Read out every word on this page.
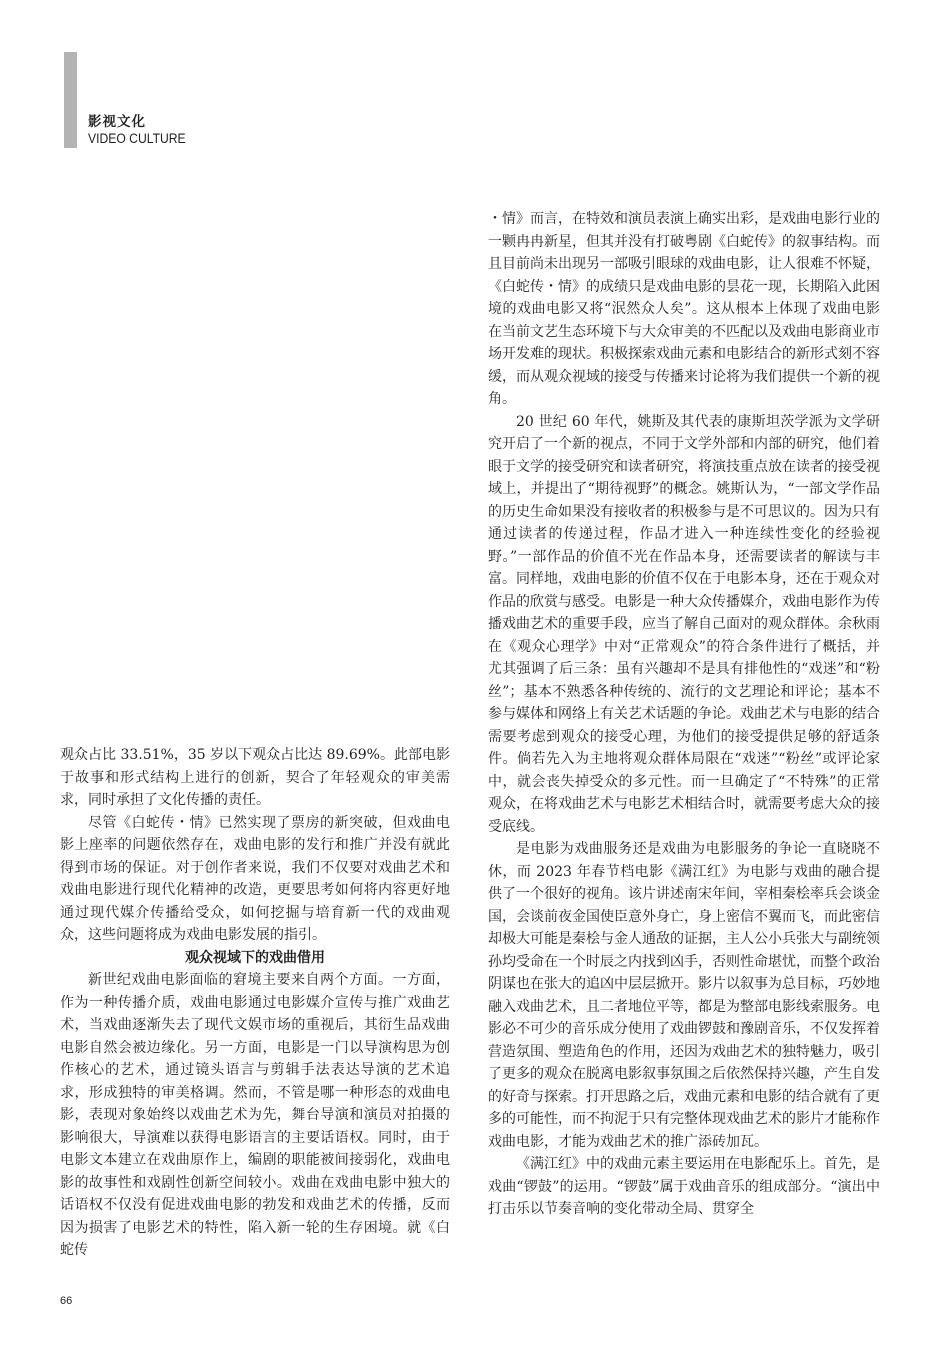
影视文化
VIDEO CULTURE

观众占比 33.51%，35 岁以下观众占比达 89.69%。此部电影于故事和形式结构上进行的创新，契合了年轻观众的审美需求，同时承担了文化传播的责任。

尽管《白蛇传・情》已然实现了票房的新突破，但戏曲电影上座率的问题依然存在，戏曲电影的发行和推广并没有就此得到市场的保证。对于创作者来说，我们不仅要对戏曲艺术和戏曲电影进行现代化精神的改造，更要思考如何将内容更好地通过现代媒介传播给受众，如何挖掘与培育新一代的戏曲观众，这些问题将成为戏曲电影发展的指引。

观众视域下的戏曲借用

新世纪戏曲电影面临的窘境主要来自两个方面。一方面，作为一种传播介质，戏曲电影通过电影媒介宣传与推广戏曲艺术，当戏曲逐渐失去了现代文娱市场的重视后，其衍生品戏曲电影自然会被边缘化。另一方面，电影是一门以导演构思为创作核心的艺术，通过镜头语言与剪辑手法表达导演的艺术追求，形成独特的审美格调。然而，不管是哪一种形态的戏曲电影，表现对象始终以戏曲艺术为先，舞台导演和演员对拍摄的影响很大，导演难以获得电影语言的主要话语权。同时，由于电影文本建立在戏曲原作上，编剧的职能被间接弱化，戏曲电影的故事性和戏剧性创新空间较小。戏曲在戏曲电影中独大的话语权不仅没有促进戏曲电影的勃发和戏曲艺术的传播，反而因为损害了电影艺术的特性，陷入新一轮的生存困境。就《白蛇传

・情》而言，在特效和演员表演上确实出彩，是戏曲电影行业的一颗冉冉新星，但其并没有打破粤剧《白蛇传》的叙事结构。而且目前尚未出现另一部吸引眼球的戏曲电影，让人很难不怀疑，《白蛇传・情》的成绩只是戏曲电影的昙花一现，长期陷入此困境的戏曲电影又将“泯然众人矣”。这从根本上体现了戏曲电影在当前文艺生态环境下与大众审美的不匹配以及戏曲电影商业市场开发难的现状。积极探索戏曲元素和电影结合的新形式刻不容缓，而从观众视域的接受与传播来讨论将为我们提供一个新的视角。

20 世纪 60 年代，姚斯及其代表的康斯坦茨学派为文学研究开启了一个新的视点，不同于文学外部和内部的研究，他们着眼于文学的接受研究和读者研究，将演技重点放在读者的接受视域上，并提出了“期待视野”的概念。姚斯认为，“一部文学作品的历史生命如果没有接收者的积极参与是不可思议的。因为只有通过读者的传递过程，作品才进入一种连续性变化的经验视野。”一部作品的价值不光在作品本身，还需要读者的解读与丰富。同样地，戏曲电影的价值不仅在于电影本身，还在于观众对作品的欣赏与感受。电影是一种大众传播媒介，戏曲电影作为传播戏曲艺术的重要手段，应当了解自己面对的观众群体。余秋雨在《观众心理学》中对“正常观众”的符合条件进行了概括，并尤其强调了后三条：虽有兴趣却不是具有排他性的“戏迷”和“粉丝”；基本不熟悉各种传统的、流行的文艺理论和评论；基本不参与媒体和网络上有关艺术话题的争论。戏曲艺术与电影的结合需要考虑到观众的接受心理，为他们的接受提供足够的舒适条件。倘若先入为主地将观众群体局限在“戏迷”“粉丝”或评论家中，就会丧失掉受众的多元性。而一旦确定了“不特殊”的正常观众，在将戏曲艺术与电影艺术相结合时，就需要考虑大众的接受底线。

是电影为戏曲服务还是戏曲为电影服务的争论一直晓晓不休，而 2023 年春节档电影《满江红》为电影与戏曲的融合提供了一个很好的视角。该片讲述南宋年间，宰相秦桧率兵会谈金国，会谈前夜金国使臣意外身亡，身上密信不翼而飞，而此密信却极大可能是秦桧与金人通敌的证据，主人公小兵张大与副统领孙均受命在一个时辰之内找到凶手，否则性命堪忧，而整个政治阴谋也在张大的追凶中层层掀开。影片以叙事为总目标，巧妙地融入戏曲艺术，且二者地位平等，都是为整部电影线索服务。电影必不可少的音乐成分使用了戏曲锣鼓和豫剧音乐，不仅发挥着营造氛围、塑造角色的作用，还因为戏曲艺术的独特魅力，吸引了更多的观众在脱离电影叙事氛围之后依然保持兴趣，产生自发的好奇与探索。打开思路之后，戏曲元素和电影的结合就有了更多的可能性，而不拘泥于只有完整体现戏曲艺术的影片才能称作戏曲电影，才能为戏曲艺术的推广添砖加瓦。

《满江红》中的戏曲元素主要运用在电影配乐上。首先，是戏曲“锣鼓”的运用。“锣鼓”属于戏曲音乐的组成部分。“演出中打击乐以节奏音响的变化带动全局、贯穿全

66
